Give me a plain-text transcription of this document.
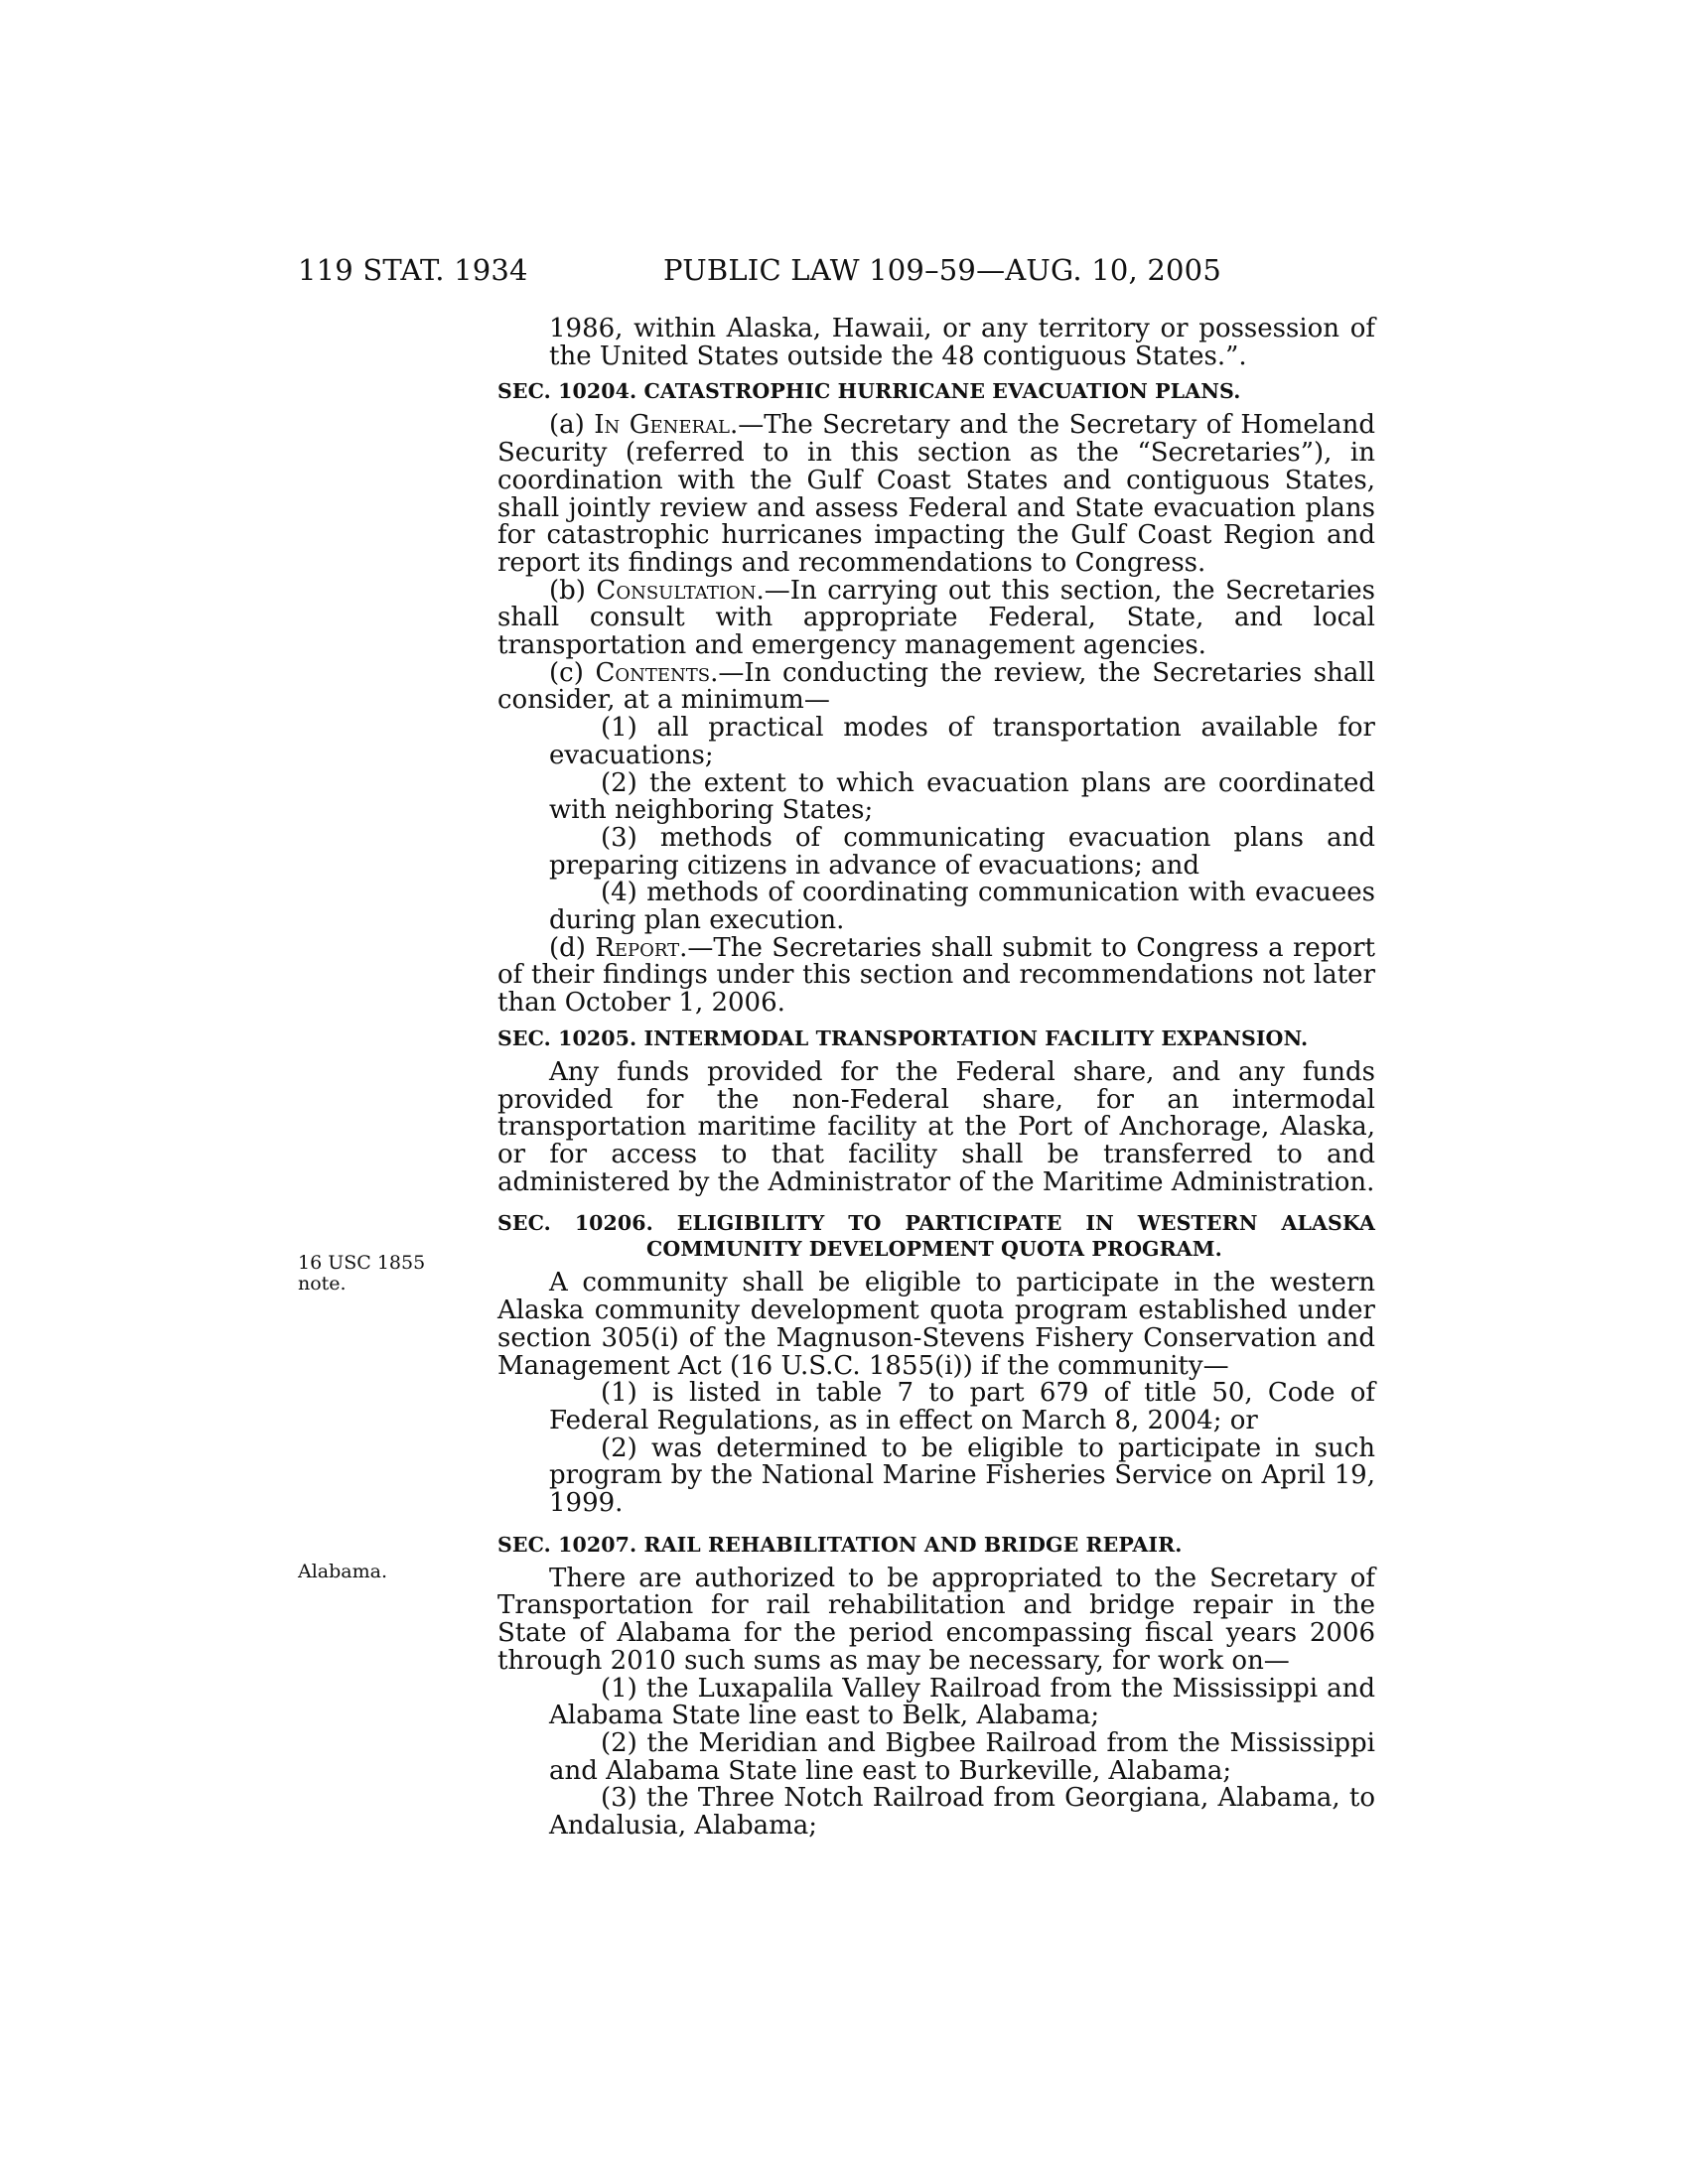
119 STAT. 1934	PUBLIC LAW 109–59—AUG. 10, 2005
16 USC 1855 note.
Alabama.

1986, within Alaska, Hawaii, or any territory or possession of the United States outside the 48 contiguous States.”.

SEC. 10204. CATASTROPHIC HURRICANE EVACUATION PLANS.

(a) In General.—The Secretary and the Secretary of Homeland Security (referred to in this section as the “Secretaries”), in coordination with the Gulf Coast States and contiguous States, shall jointly review and assess Federal and State evacuation plans for catastrophic hurricanes impacting the Gulf Coast Region and report its findings and recommendations to Congress.

(b) Consultation.—In carrying out this section, the Secretaries shall consult with appropriate Federal, State, and local transportation and emergency management agencies.

(c) Contents.—In conducting the review, the Secretaries shall consider, at a minimum—

(1) all practical modes of transportation available for evacuations;

(2) the extent to which evacuation plans are coordinated with neighboring States;

(3) methods of communicating evacuation plans and preparing citizens in advance of evacuations; and

(4) methods of coordinating communication with evacuees during plan execution.

(d) Report.—The Secretaries shall submit to Congress a report of their findings under this section and recommendations not later than October 1, 2006.

SEC. 10205. INTERMODAL TRANSPORTATION FACILITY EXPANSION.

Any funds provided for the Federal share, and any funds provided for the non-Federal share, for an intermodal transportation maritime facility at the Port of Anchorage, Alaska, or for access to that facility shall be transferred to and administered by the Administrator of the Maritime Administration.

SEC. 10206. ELIGIBILITY TO PARTICIPATE IN WESTERN ALASKA COMMUNITY DEVELOPMENT QUOTA PROGRAM.

A community shall be eligible to participate in the western Alaska community development quota program established under section 305(i) of the Magnuson-Stevens Fishery Conservation and Management Act (16 U.S.C. 1855(i)) if the community—

(1) is listed in table 7 to part 679 of title 50, Code of Federal Regulations, as in effect on March 8, 2004; or

(2) was determined to be eligible to participate in such program by the National Marine Fisheries Service on April 19, 1999.

SEC. 10207. RAIL REHABILITATION AND BRIDGE REPAIR.

There are authorized to be appropriated to the Secretary of Transportation for rail rehabilitation and bridge repair in the State of Alabama for the period encompassing fiscal years 2006 through 2010 such sums as may be necessary, for work on—

(1) the Luxapalila Valley Railroad from the Mississippi and Alabama State line east to Belk, Alabama;

(2) the Meridian and Bigbee Railroad from the Mississippi and Alabama State line east to Burkeville, Alabama;

(3) the Three Notch Railroad from Georgiana, Alabama, to Andalusia, Alabama;
